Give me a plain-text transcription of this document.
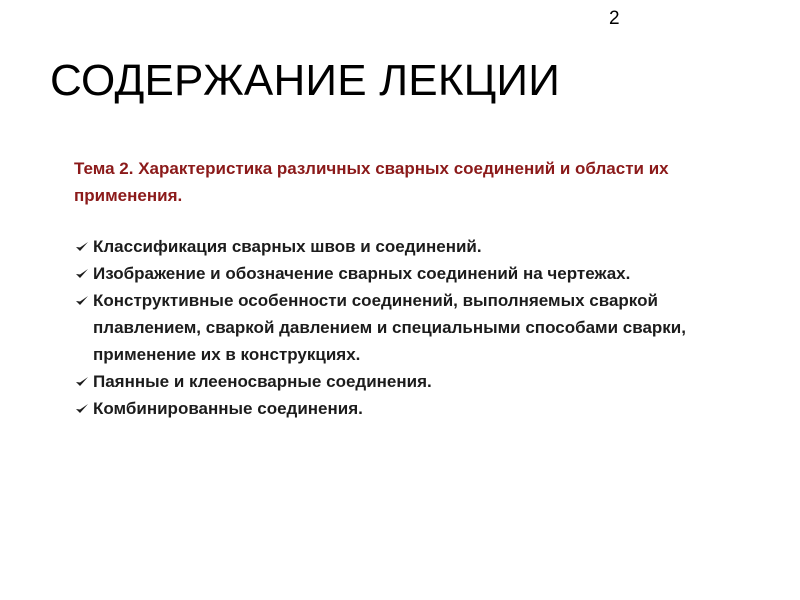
2
СОДЕРЖАНИЕ ЛЕКЦИИ

Тема 2. Характеристика различных сварных соединений и области их применения.

Классификация сварных швов и соединений.
Изображение и обозначение сварных соединений на чертежах.
Конструктивные особенности соединений, выполняемых сваркой плавлением, сваркой давлением и специальными способами сварки, применение их в конструкциях.
Паянные и клееносварные соединения.
Комбинированные соединения.
